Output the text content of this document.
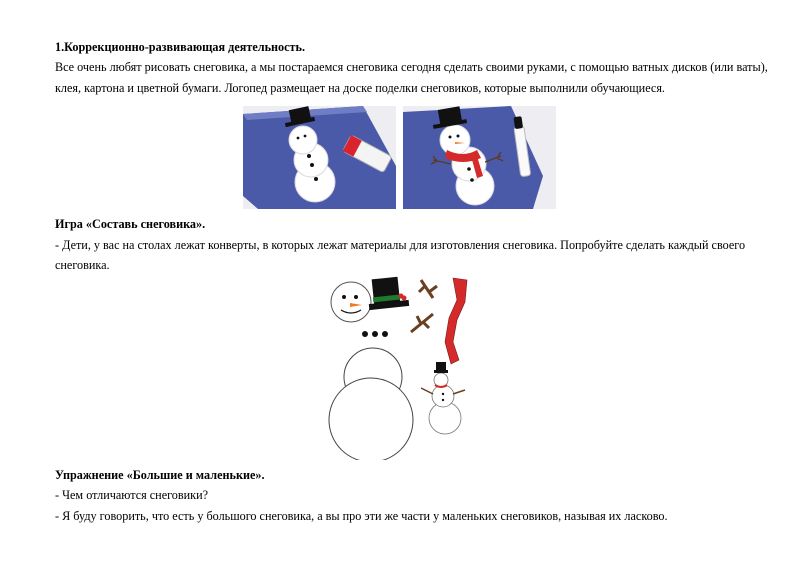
1.Коррекционно-развивающая деятельность.
Все очень любят рисовать снеговика, а мы постараемся снеговика сегодня сделать своими руками, с помощью ватных дисков (или ваты),
клея, картона и цветной бумаги. Логопед размещает на доске поделки снеговиков, которые выполнили обучающиеся.
Игра «Составь снеговика».
- Дети, у вас на столах лежат конверты, в которых лежат материалы для изготовления снеговика. Попробуйте сделать каждый своего
снеговика.
Упражнение «Большие и маленькие».
- Чем отличаются снеговики?
- Я буду говорить, что есть у большого снеговика, а вы про эти же части у маленьких снеговиков, называя их ласково.
